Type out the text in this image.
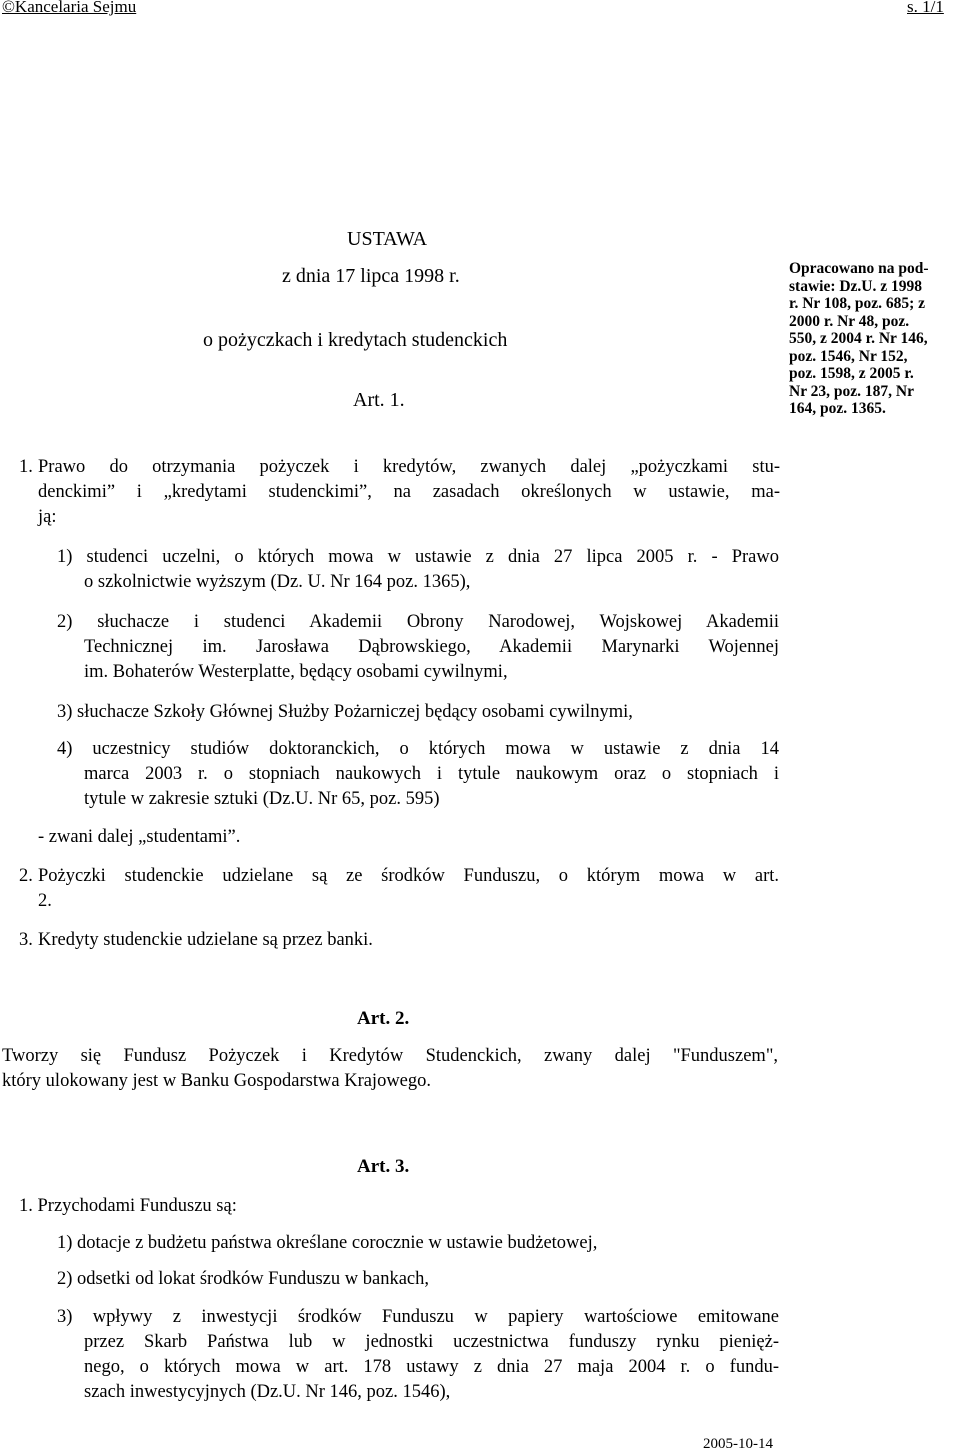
©Kancelaria Sejmu	s. 1/1
USTAWA
z dnia 17 lipca 1998 r.
o pożyczkach i kredytach studenckich
Opracowano na pod-
stawie: Dz.U. z 1998
r. Nr 108, poz. 685; z
2000 r. Nr 48, poz.
550, z 2004 r. Nr 146,
poz. 1546, Nr 152,
poz. 1598, z 2005 r.
Nr 23, poz. 187, Nr
164, poz. 1365.
Art. 1.
1. Prawo do otrzymania pożyczek i kredytów, zwanych dalej „pożyczkami stu-
denckimi” i „kredytami studenckimi”, na zasadach określonych w ustawie, ma-
ją:
1) studenci uczelni, o których mowa w ustawie z dnia 27 lipca 2005 r. - Prawo
o szkolnictwie wyższym (Dz. U. Nr 164 poz. 1365),
2) słuchacze i studenci Akademii Obrony Narodowej, Wojskowej Akademii
Technicznej im. Jarosława Dąbrowskiego, Akademii Marynarki Wojennej
im. Bohaterów Westerplatte, będący osobami cywilnymi,
3) słuchacze Szkoły Głównej Służby Pożarniczej będący osobami cywilnymi,
4) uczestnicy studiów doktoranckich, o których mowa w ustawie z dnia 14
marca 2003 r. o stopniach naukowych i tytule naukowym oraz o stopniach i
tytule w zakresie sztuki (Dz.U. Nr 65, poz. 595)
- zwani dalej „studentami”.
2. Pożyczki studenckie udzielane są ze środków Funduszu, o którym mowa w art.
2.
3. Kredyty studenckie udzielane są przez banki.
Art. 2.
Tworzy się Fundusz Pożyczek i Kredytów Studenckich, zwany dalej "Funduszem",
który ulokowany jest w Banku Gospodarstwa Krajowego.
Art. 3.
1. Przychodami Funduszu są:
1) dotacje z budżetu państwa określane corocznie w ustawie budżetowej,
2) odsetki od lokat środków Funduszu w bankach,
3) wpływy z inwestycji środków Funduszu w papiery wartościowe emitowane
przez Skarb Państwa lub w jednostki uczestnictwa funduszy rynku pienięż-
nego, o których mowa w art. 178 ustawy z dnia 27 maja 2004 r. o fundu-
szach inwestycyjnych (Dz.U. Nr 146, poz. 1546),
2005-10-14
